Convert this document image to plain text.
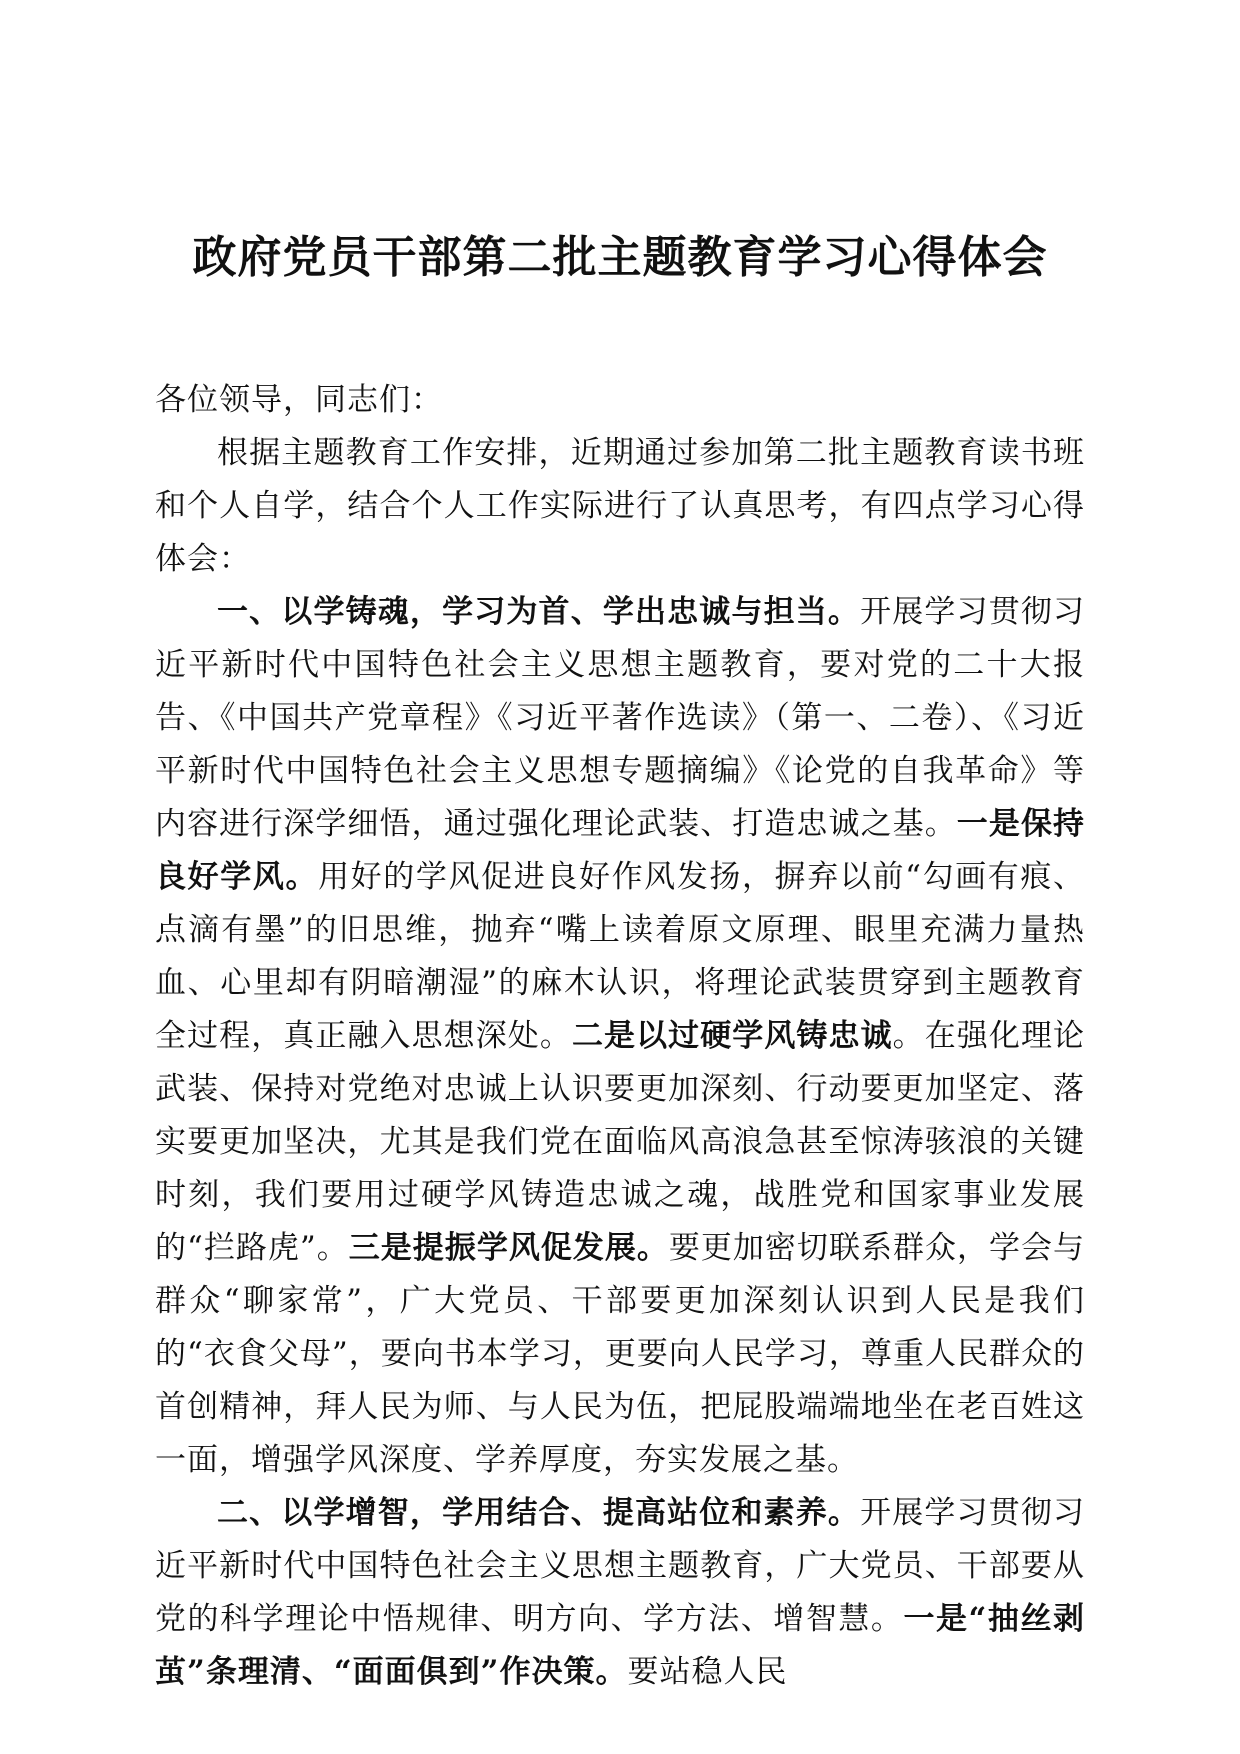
政府党员干部第二批主题教育学习心得体会

各位领导，同志们：

根据主题教育工作安排，近期通过参加第二批主题教育读书班和个人自学，结合个人工作实际进行了认真思考，有四点学习心得体会：

一、以学铸魂，学习为首、学出忠诚与担当。开展学习贯彻习近平新时代中国特色社会主义思想主题教育，要对党的二十大报告、《中国共产党章程》《习近平著作选读》（第一、二卷）、《习近平新时代中国特色社会主义思想专题摘编》《论党的自我革命》等内容进行深学细悟，通过强化理论武装、打造忠诚之基。一是保持良好学风。用好的学风促进良好作风发扬，摒弃以前“勾画有痕、点滴有墨”的旧思维，抛弃“嘴上读着原文原理、眼里充满力量热血、心里却有阴暗潮湿”的麻木认识，将理论武装贯穿到主题教育全过程，真正融入思想深处。二是以过硬学风铸忠诚。在强化理论武装、保持对党绝对忠诚上认识要更加深刻、行动要更加坚定、落实要更加坚决，尤其是我们党在面临风高浪急甚至惊涛骇浪的关键时刻，我们要用过硬学风铸造忠诚之魂，战胜党和国家事业发展的“拦路虎”。三是提振学风促发展。要更加密切联系群众，学会与群众“聊家常”，广大党员、干部要更加深刻认识到人民是我们的“衣食父母”，要向书本学习，更要向人民学习，尊重人民群众的首创精神，拜人民为师、与人民为伍，把屁股端端地坐在老百姓这一面，增强学风深度、学养厚度，夯实发展之基。

二、以学增智，学用结合、提高站位和素养。开展学习贯彻习近平新时代中国特色社会主义思想主题教育，广大党员、干部要从党的科学理论中悟规律、明方向、学方法、增智慧。一是“抽丝剥茧”条理清、“面面俱到”作决策。要站稳人民
